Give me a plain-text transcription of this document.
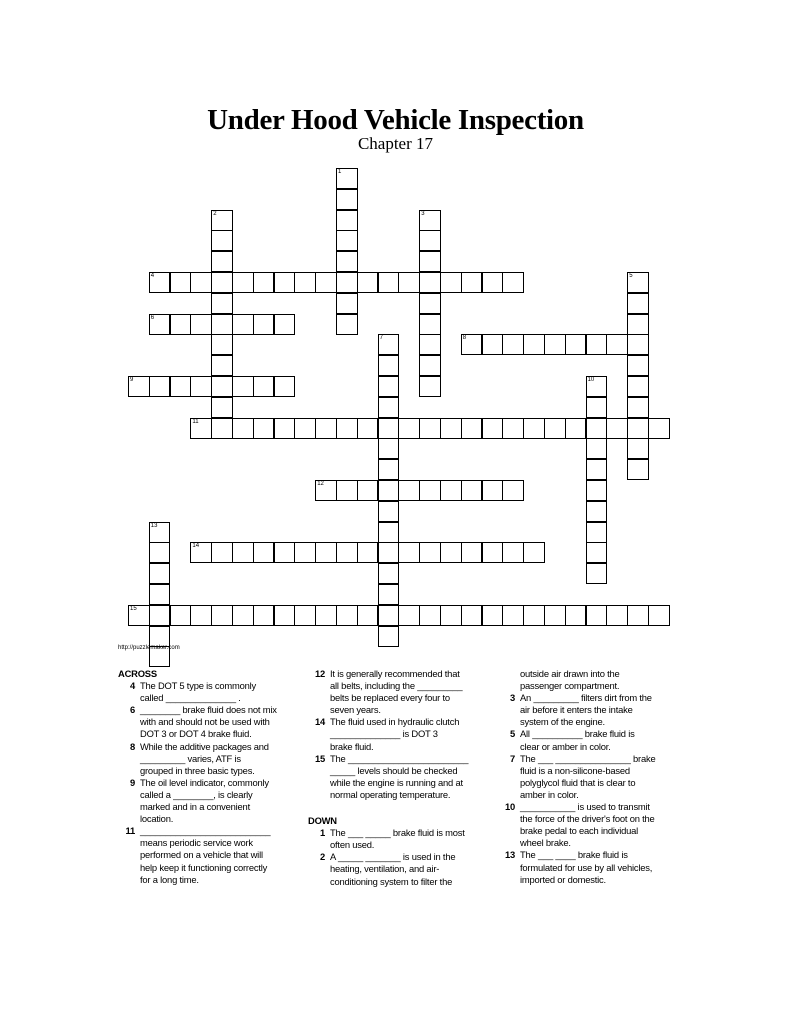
Under Hood Vehicle Inspection
Chapter 17
1
2	3
4	5
6
7	8
9	10
11
12
13
14
15
http://puzzlemaker.com
ACROSS
4 The DOT 5 type is commonly
called ______________ .
6 ________ brake fluid does not mix
with and should not be used with
DOT 3 or DOT 4 brake fluid.
8 While the additive packages and
_________ varies, ATF is
grouped in three basic types.
9 The oil level indicator, commonly
called a ________, is clearly
marked and in a convenient
location.
11 __________________________
means periodic service work
performed on a vehicle that will
help keep it functioning correctly
for a long time.
12 It is generally recommended that
all belts, including the _________
belts be replaced every four to
seven years.
14 The fluid used in hydraulic clutch
______________ is DOT 3
brake fluid.
15 The ________________________
_____ levels should be checked
while the engine is running and at
normal operating temperature.
DOWN
1 The ___ _____ brake fluid is most
often used.
2 A _____ _______ is used in the
heating, ventilation, and air-
conditioning system to filter the
outside air drawn into the
passenger compartment.
3 An _________ filters dirt from the
air before it enters the intake
system of the engine.
5 All __________ brake fluid is
clear or amber in color.
7 The ___ _______________ brake
fluid is a non-silicone-based
polyglycol fluid that is clear to
amber in color.
10 ___________ is used to transmit
the force of the driver's foot on the
brake pedal to each individual
wheel brake.
13 The ___ ____ brake fluid is
formulated for use by all vehicles,
imported or domestic.
